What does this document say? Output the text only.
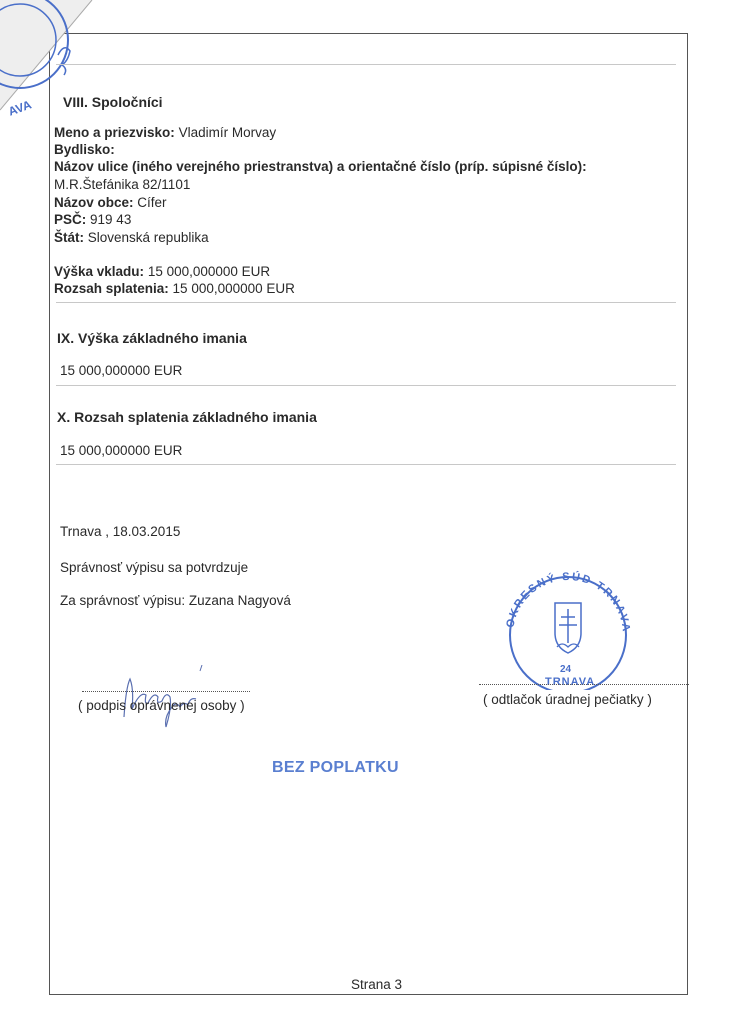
AVA VIII. Spoločníci
Meno a priezvisko: Vladimír Morvay
Bydlisko:
Názov ulice (iného verejného priestranstva) a orientačné číslo (príp. súpisné číslo):
M.R.Štefánika 82/1101
Názov obce: Cífer
PSČ: 919 43
Štát: Slovenská republika
Výška vkladu: 15 000,000000 EUR
Rozsah splatenia: 15 000,000000 EUR
IX. Výška základného imania
15 000,000000 EUR
X. Rozsah splatenia základného imania
15 000,000000 EUR
Trnava , 18.03.2015
Správnosť výpisu sa potvrdzuje
Za správnosť výpisu: Zuzana Nagyová
( podpis oprávnenej osoby )
OKRESNÝ SÚD TRNAVA
24
TRNAVA
( odtlačok úradnej pečiatky )
BEZ POPLATKU
Strana 3
